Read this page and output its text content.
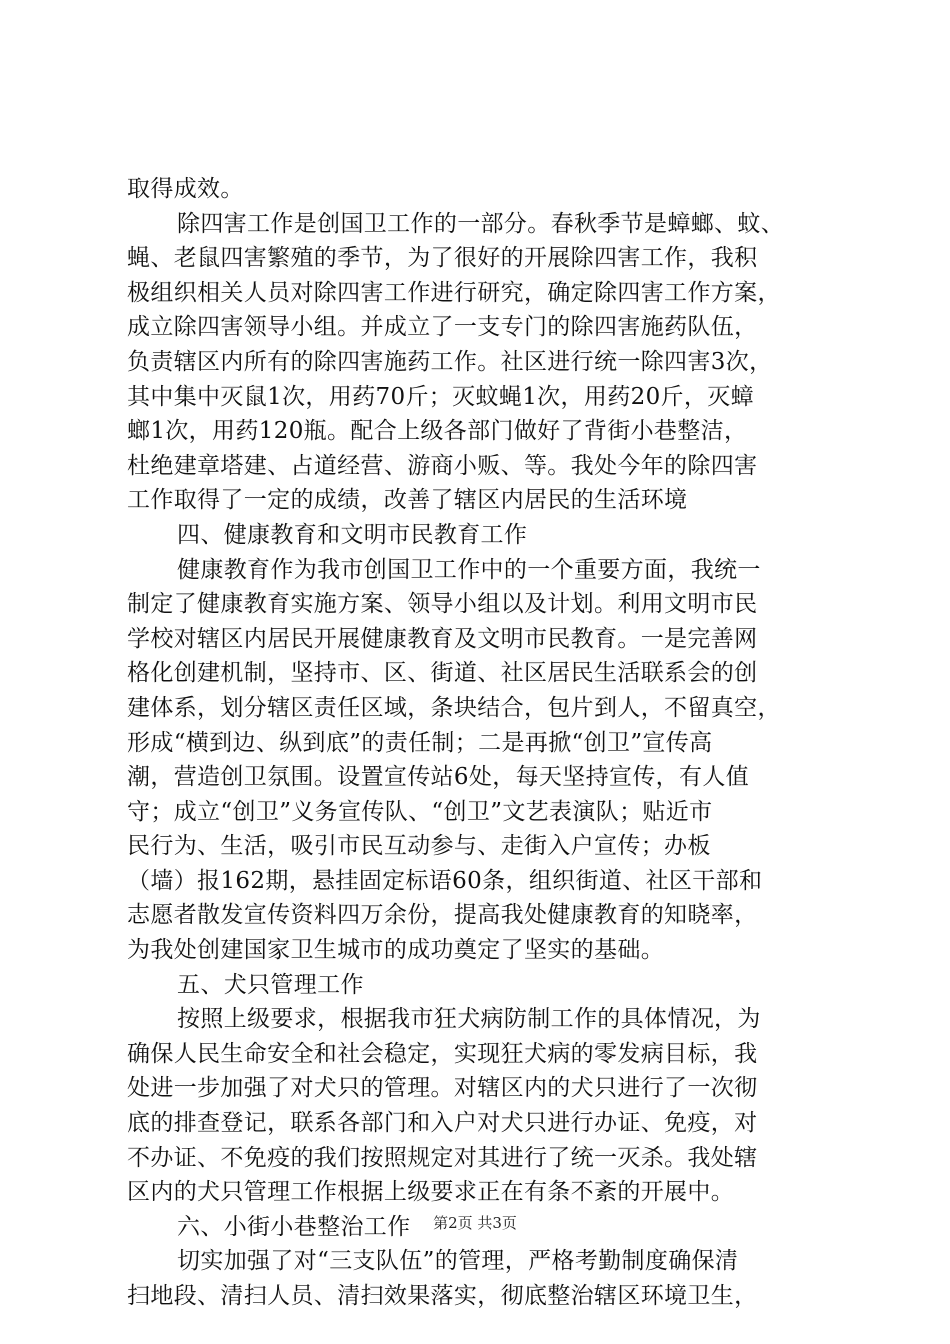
取得成效。
除四害工作是创国卫工作的一部分。春秋季节是蟑螂、蚊、
蝇、老鼠四害繁殖的季节，为了很好的开展除四害工作，我积
极组织相关人员对除四害工作进行研究，确定除四害工作方案，
成立除四害领导小组。并成立了一支专门的除四害施药队伍，
负责辖区内所有的除四害施药工作。社区进行统一除四害3次，
其中集中灭鼠1次，用药70斤；灭蚊蝇1次，用药20斤，灭蟑
螂1次，用药120瓶。配合上级各部门做好了背街小巷整洁，
杜绝建章塔建、占道经营、游商小贩、等。我处今年的除四害
工作取得了一定的成绩，改善了辖区内居民的生活环境
四、健康教育和文明市民教育工作
健康教育作为我市创国卫工作中的一个重要方面，我统一
制定了健康教育实施方案、领导小组以及计划。利用文明市民
学校对辖区内居民开展健康教育及文明市民教育。一是完善网
格化创建机制，坚持市、区、街道、社区居民生活联系会的创
建体系，划分辖区责任区域，条块结合，包片到人，不留真空，
形成“横到边、纵到底”的责任制；二是再掀“创卫”宣传高
潮，营造创卫氛围。设置宣传站6处，每天坚持宣传，有人值
守；成立“创卫”义务宣传队、“创卫”文艺表演队；贴近市
民行为、生活，吸引市民互动参与、走街入户宣传；办板
（墙）报162期，悬挂固定标语60条，组织街道、社区干部和
志愿者散发宣传资料四万余份，提高我处健康教育的知晓率，
为我处创建国家卫生城市的成功奠定了坚实的基础。
五、犬只管理工作
按照上级要求，根据我市狂犬病防制工作的具体情况，为
确保人民生命安全和社会稳定，实现狂犬病的零发病目标，我
处进一步加强了对犬只的管理。对辖区内的犬只进行了一次彻
底的排查登记，联系各部门和入户对犬只进行办证、免疫，对
不办证、不免疫的我们按照规定对其进行了统一灭杀。我处辖
区内的犬只管理工作根据上级要求正在有条不紊的开展中。
六、小街小巷整治工作
切实加强了对“三支队伍”的管理，严格考勤制度确保清
扫地段、清扫人员、清扫效果落实，彻底整治辖区环境卫生，
第2页 共3页
